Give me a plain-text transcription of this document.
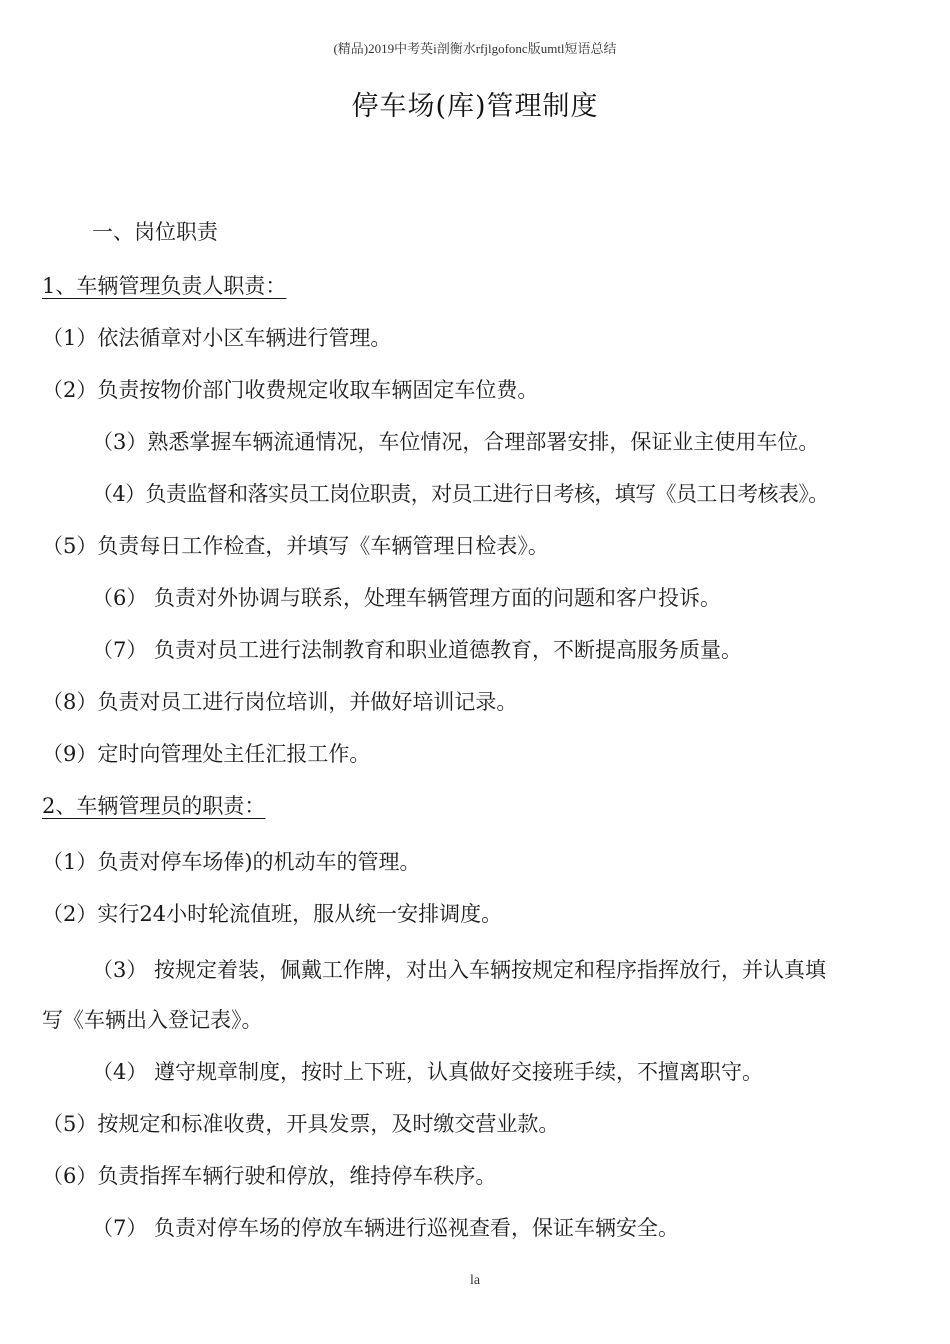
(精品)2019中考英i剖衡水rfjlgofonc版umtl短语总结
停车场(库)管理制度
一、岗位职责
1、车辆管理负责人职责：
（1）依法循章对小区车辆进行管理。
（2）负责按物价部门收费规定收取车辆固定车位费。
（3）熟悉掌握车辆流通情况，车位情况，合理部署安排，保证业主使用车位。
（4）负责监督和落实员工岗位职责，对员工进行日考核，填写《员工日考核表》。
（5）负责每日工作检查，并填写《车辆管理日检表》。
（6） 负责对外协调与联系，处理车辆管理方面的问题和客户投诉。
（7） 负责对员工进行法制教育和职业道德教育，不断提高服务质量。
（8）负责对员工进行岗位培训，并做好培训记录。
（9）定时向管理处主任汇报工作。
2、车辆管理员的职责：
（1）负责对停车场俸)的机动车的管理。
（2）实行24小时轮流值班，服从统一安排调度。
（3） 按规定着装，佩戴工作牌，对出入车辆按规定和程序指挥放行，并认真填
写《车辆出入登记表》。
（4） 遵守规章制度，按时上下班，认真做好交接班手续，不擅离职守。
（5）按规定和标准收费，开具发票，及时缴交营业款。
（6）负责指挥车辆行驶和停放，维持停车秩序。
（7） 负责对停车场的停放车辆进行巡视查看，保证车辆安全。
la
